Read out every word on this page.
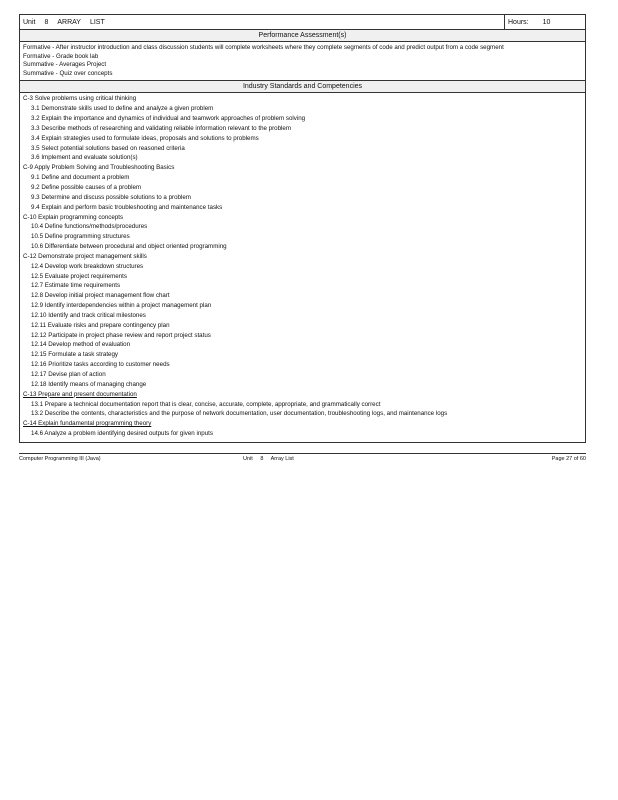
Unit 8 ARRAY LIST	Hours: 10
Performance Assessment(s)
Formative - After instructor introduction and class discussion students will complete worksheets where they complete segments of code and predict output from a code segment
Formative - Grade book lab
Summative - Averages Project
Summative - Quiz over concepts
Industry Standards and Competencies
C-3 Solve problems using critical thinking
3.1 Demonstrate skills used to define and analyze a given problem
3.2 Explain the importance and dynamics of individual and teamwork approaches of problem solving
3.3 Describe methods of researching and validating reliable information relevant to the problem
3.4 Explain strategies used to formulate ideas, proposals and solutions to problems
3.5 Select potential solutions based on reasoned criteria
3.6 Implement and evaluate solution(s)
C-9 Apply Problem Solving and Troubleshooting Basics
9.1 Define and document a problem
9.2 Define possible causes of a problem
9.3 Determine and discuss possible solutions to a problem
9.4 Explain and perform basic troubleshooting and maintenance tasks
C-10 Explain programming concepts
10.4 Define functions/methods/procedures
10.5 Define programming structures
10.6 Differentiate between procedural and object oriented programming
C-12 Demonstrate project management skills
12.4 Develop work breakdown structures
12.5 Evaluate project requirements
12.7 Estimate time requirements
12.8 Develop initial project management flow chart
12.9 Identify interdependencies within a project management plan
12.10 Identify and track critical milestones
12.11 Evaluate risks and prepare contingency plan
12.12 Participate in project phase review and report project status
12.14 Develop method of evaluation
12.15 Formulate a task strategy
12.16 Prioritize tasks according to customer needs
12.17 Devise plan of action
12.18 Identify means of managing change
C-13 Prepare and present documentation
13.1 Prepare a technical documentation report that is clear, concise, accurate, complete, appropriate, and grammatically correct
13.2 Describe the contents, characteristics and the purpose of network documentation, user documentation, troubleshooting logs, and maintenance logs
C-14 Explain fundamental programming theory
14.6 Analyze a problem identifying desired outputs for given inputs
Computer Programming III (Java)	Unit 8 Array List	Page 27 of 60
